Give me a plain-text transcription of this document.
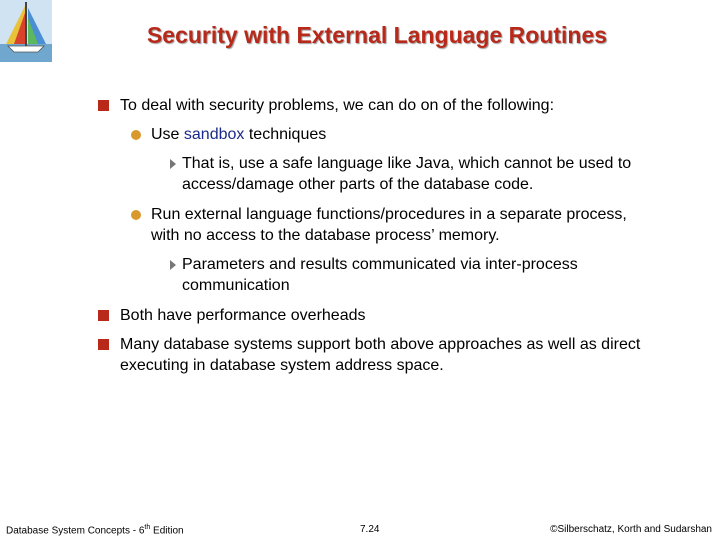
Security with External Language Routines
To deal with security problems, we can do on of the following:
Use sandbox techniques
That is, use a safe language like Java, which cannot be used to access/damage other parts of the database code.
Run external language functions/procedures in a separate process, with no access to the database process’ memory.
Parameters and results communicated via inter-process communication
Both have performance overheads
Many database systems support both above approaches as well as direct executing in database system address space.
Database System Concepts - 6th Edition	7.24	©Silberschatz, Korth and Sudarshan
